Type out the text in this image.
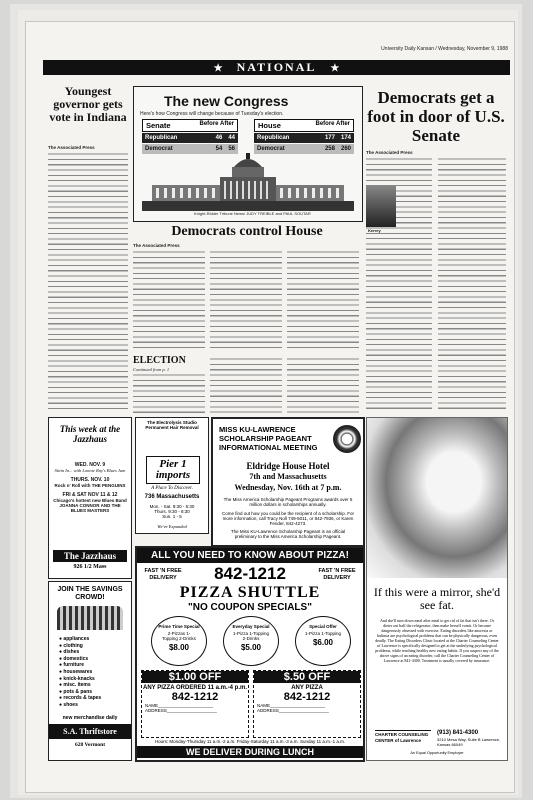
University Daily Kansan / Wednesday, November 9, 1988
★ NATIONAL ★
Youngest governor gets vote in Indiana
The Associated Press
The new Congress
Here's how Congress will change because of Tuesday's election.
Senate	Before After
Republican	46 44
Democrat	54 56
House	Before After
Republican	177 174
Democrat	258 260
Knight-Ridder Tribune News/ JUDY TREIBLE and PAUL SOUTAR
Democrats control House
The Associated Press
ELECTION
Continued from p. 1
Democrats get a foot in door of U.S. Senate
The Associated Press
Kerrey
This week at the Jazzhaus
WED. NOV. 9
Sittin In... with Lonnie Ray's Blues Jam
THURS. NOV. 10
Rock n' Roll with THE PENGUINS
FRI & SAT NOV 11 & 12
Chicago's hottest new Blues Band JOANNA CONNOR AND THE BLUES MASTERS
The Jazzhaus
926 1/2 Mass
JOIN THE SAVINGS CROWD!
● appliances
● clothing
● dishes
● domestics
● furniture
● housewares
● knick-knacks
● misc. items
● pots & pans
● records & tapes
● shoes
new merchandise daily
S.A. Thriftstore
628 Vermont
The Electrolysis Studio Permanent Hair Removal
Pier 1 imports
A Place To Discover.
736 Massachusetts
Mon. - Sat. 9:30 - 5:30
Thurs. 9:30 - 8:30
Sun. 1 - 5
We've Expanded
MISS KU-LAWRENCE SCHOLARSHIP PAGEANT INFORMATIONAL MEETING
Eldridge House Hotel
7th and Massachusetts
Wednesday, Nov. 16th at 7 p.m.
The Miss America Scholarship Pageant Programs awards over 5 million dollars in scholarships annually.
Come find out how you could be the recipient of a scholarship. For more information, call Tracy Noll 749-5011, or 842-7936, or Karen Fender, 842-4273.
The Miss KU-Lawrence Scholarship Pageant is an official preliminary to the Miss America Scholarship Pageant.
ALL YOU NEED TO KNOW ABOUT PIZZA!
FAST 'N FREE DELIVERY	842-1212	FAST 'N FREE DELIVERY
PIZZA SHUTTLE
"NO COUPON SPECIALS"
Prime Time Special
2-Pizzas 1-Topping 2-Drinks
$8.00
Everyday Special
1-Pizza 1-Topping 2-Drinks
$5.00
Special Offer
1-Pizza 1-Topping
$6.00
$1.00 OFF
ANY PIZZA ORDERED 11 a.m.-4 p.m.
842-1212
NAME______________________
ADDRESS____________________
$.50 OFF
ANY PIZZA
842-1212
NAME______________________
ADDRESS____________________
Hours: Monday-Thursday 11 a.m.-2 a.m. Friday-Saturday 11 a.m.-3 a.m. Sunday 11 a.m.-1 a.m.
WE DELIVER DURING LUNCH
If this were a mirror, she'd see fat.
And she'll turn down meal after meal to get rid of fat that isn't there. Or dieter out half the refrigerator, then make herself vomit. Or become dangerously obsessed with exercise. Eating disorders like anorexia or bulimia are psychological problems that can be physically dangerous, even deadly. The Eating Disorders Clinic located at the Charter Counseling Center of Lawrence is specifically designed to get at the underlying psychological problems, while teaching healthy new eating habits. If you suspect any of the above signs of an eating disorder, call the Charter Counseling Center of Lawrence at 841-4300. Treatment is usually covered by insurance.
CHARTER COUNSELING CENTER of Lawrence
(913) 841-4300
3210 Mesa Way, Suite B Lawrence, Kansas 66049
An Equal Opportunity Employer
